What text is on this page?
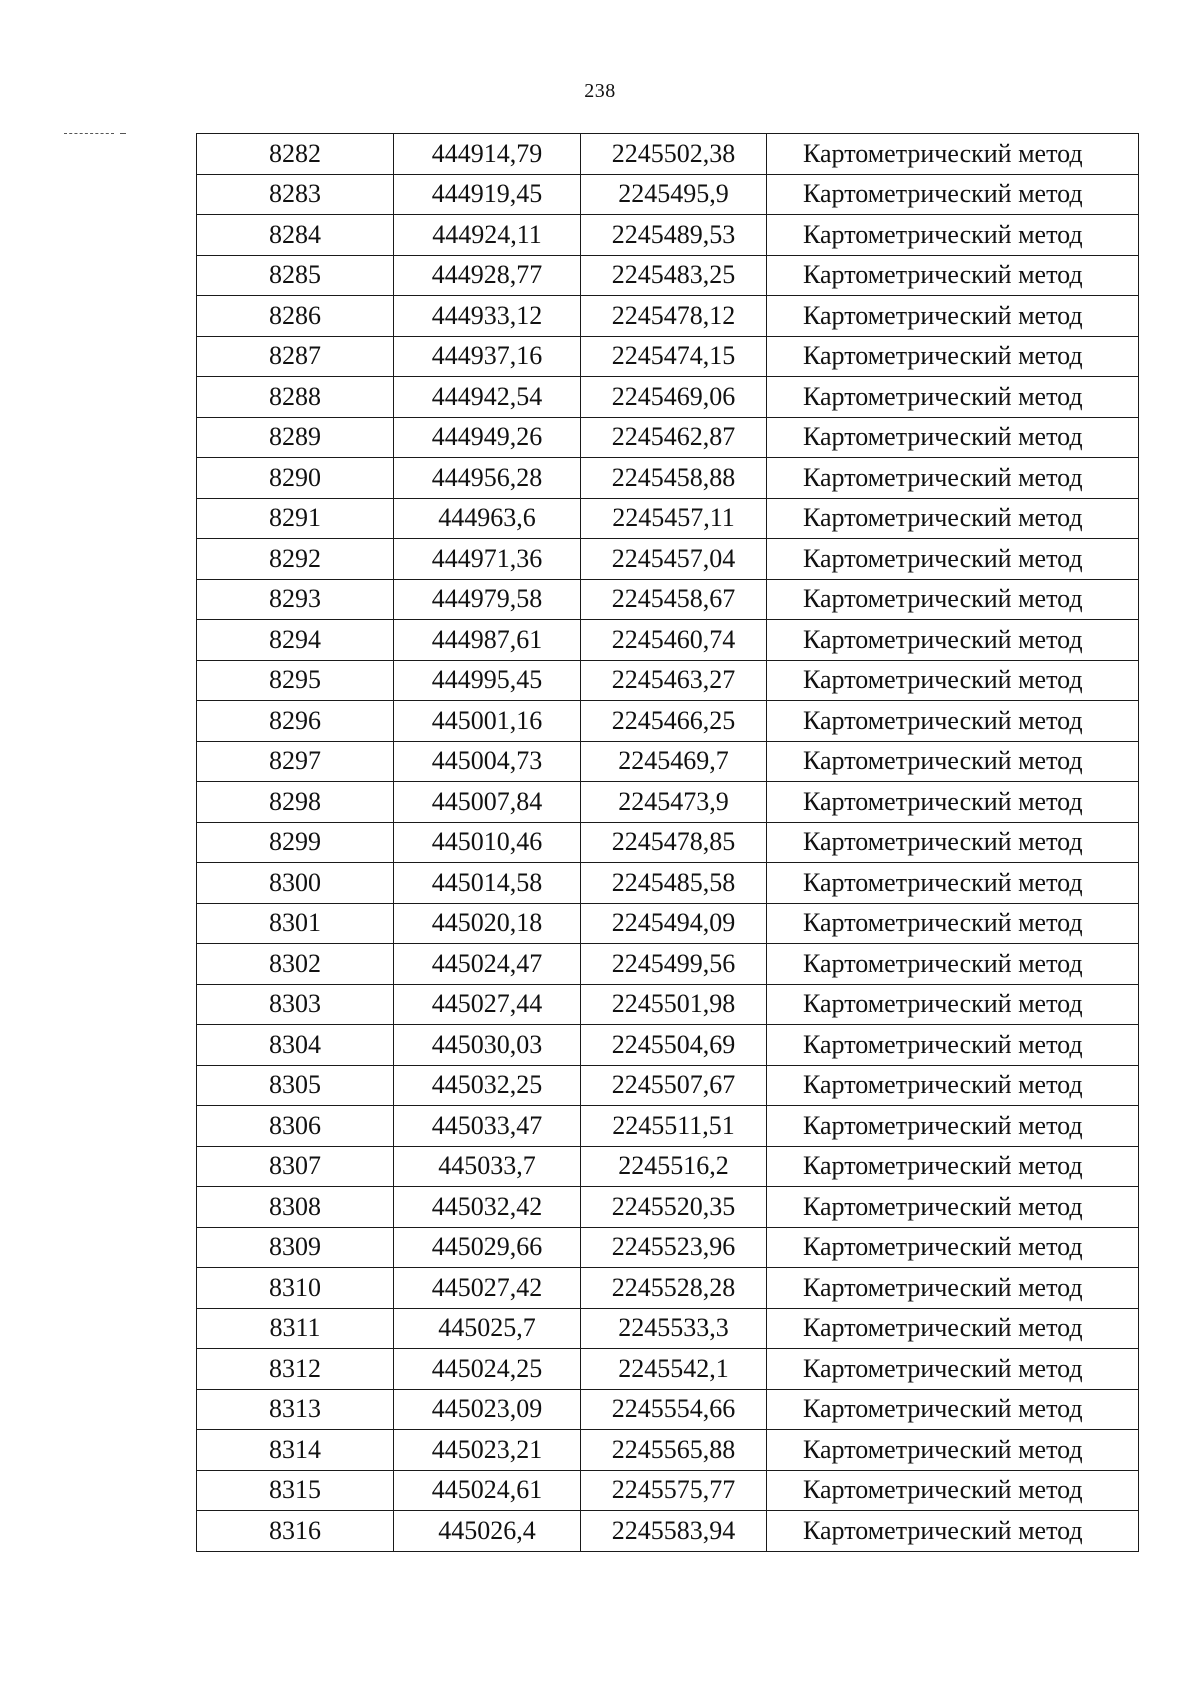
238
8282	444914,79	2245502,38	Картометрический метод
8283	444919,45	2245495,9	Картометрический метод
8284	444924,11	2245489,53	Картометрический метод
8285	444928,77	2245483,25	Картометрический метод
8286	444933,12	2245478,12	Картометрический метод
8287	444937,16	2245474,15	Картометрический метод
8288	444942,54	2245469,06	Картометрический метод
8289	444949,26	2245462,87	Картометрический метод
8290	444956,28	2245458,88	Картометрический метод
8291	444963,6	2245457,11	Картометрический метод
8292	444971,36	2245457,04	Картометрический метод
8293	444979,58	2245458,67	Картометрический метод
8294	444987,61	2245460,74	Картометрический метод
8295	444995,45	2245463,27	Картометрический метод
8296	445001,16	2245466,25	Картометрический метод
8297	445004,73	2245469,7	Картометрический метод
8298	445007,84	2245473,9	Картометрический метод
8299	445010,46	2245478,85	Картометрический метод
8300	445014,58	2245485,58	Картометрический метод
8301	445020,18	2245494,09	Картометрический метод
8302	445024,47	2245499,56	Картометрический метод
8303	445027,44	2245501,98	Картометрический метод
8304	445030,03	2245504,69	Картометрический метод
8305	445032,25	2245507,67	Картометрический метод
8306	445033,47	2245511,51	Картометрический метод
8307	445033,7	2245516,2	Картометрический метод
8308	445032,42	2245520,35	Картометрический метод
8309	445029,66	2245523,96	Картометрический метод
8310	445027,42	2245528,28	Картометрический метод
8311	445025,7	2245533,3	Картометрический метод
8312	445024,25	2245542,1	Картометрический метод
8313	445023,09	2245554,66	Картометрический метод
8314	445023,21	2245565,88	Картометрический метод
8315	445024,61	2245575,77	Картометрический метод
8316	445026,4	2245583,94	Картометрический метод
